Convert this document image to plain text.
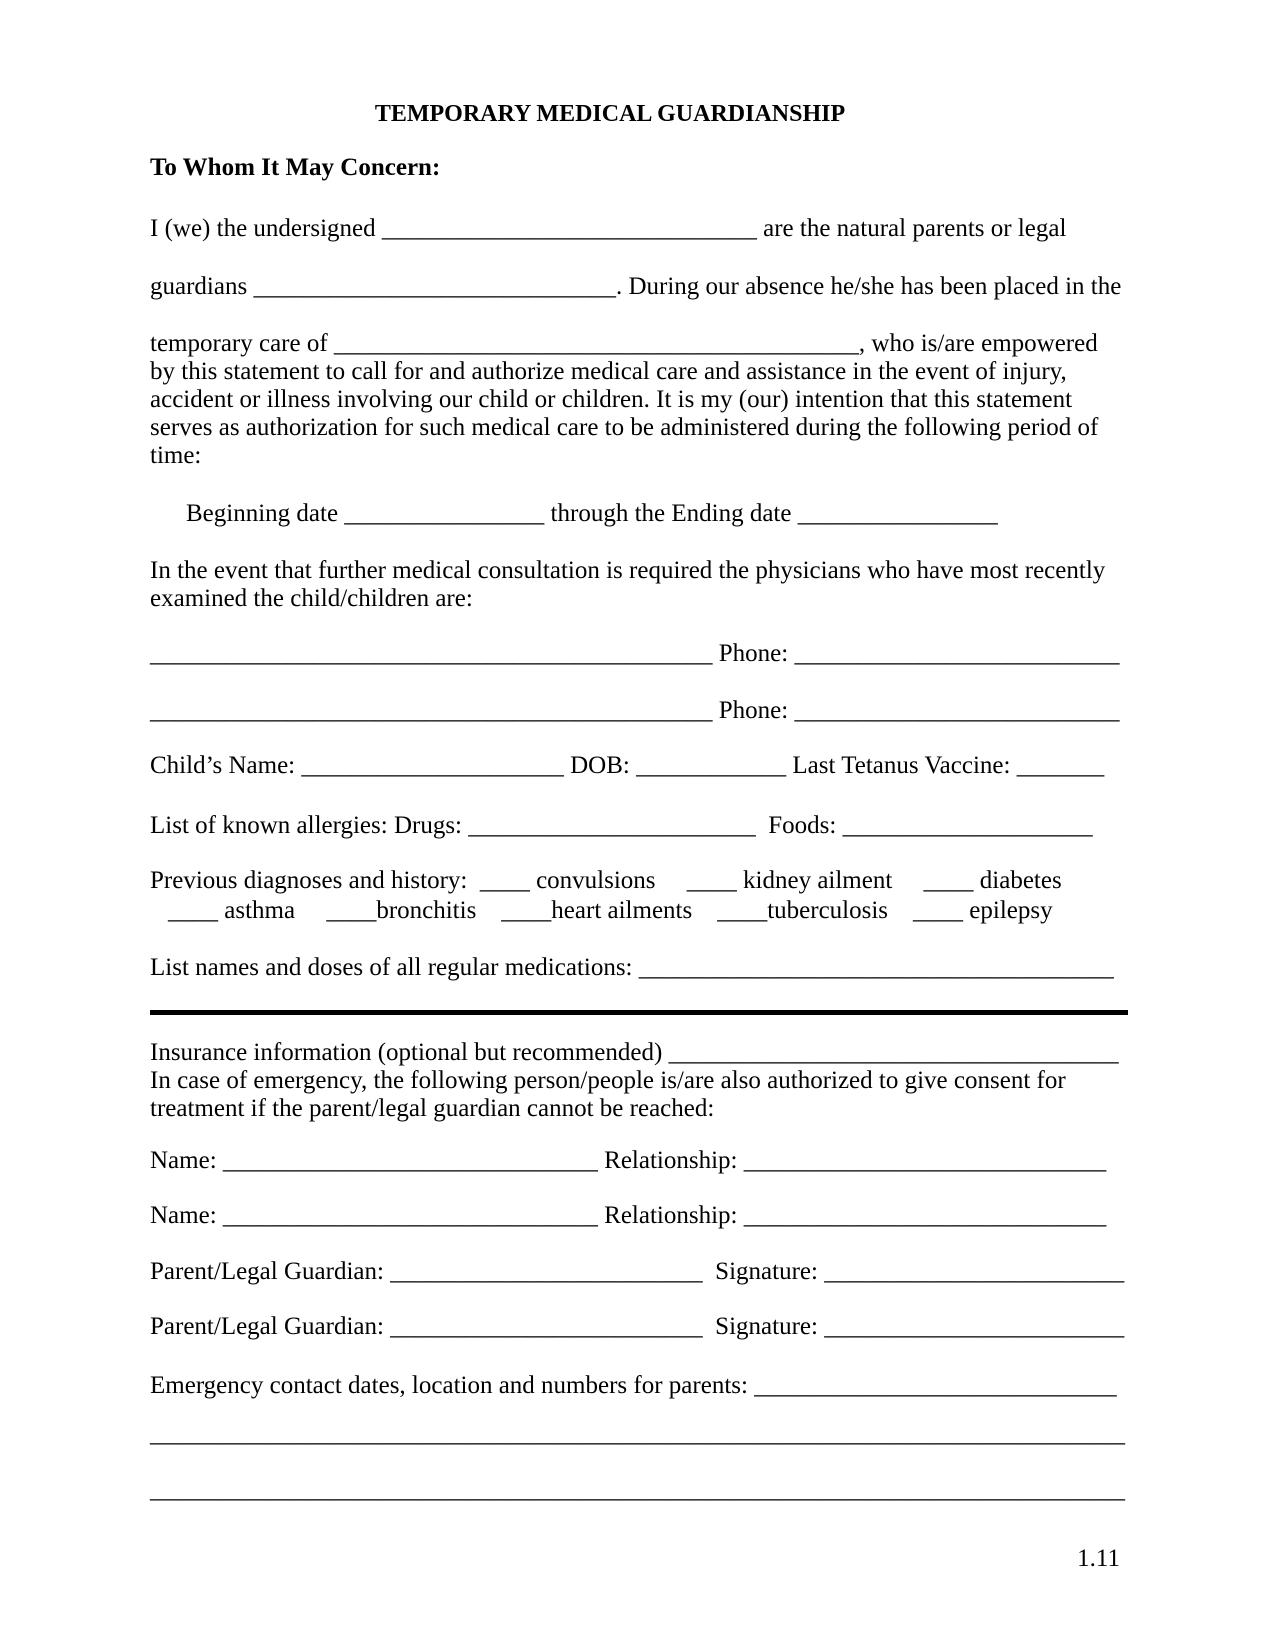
TEMPORARY MEDICAL GUARDIANSHIP
To Whom It May Concern:
I (we) the undersigned ______________________________ are the natural parents or legal
guardians _____________________________. During our absence he/she has been placed in the
temporary care of __________________________________________, who is/are empowered
by this statement to call for and authorize medical care and assistance in the event of injury,
accident or illness involving our child or children. It is my (our) intention that this statement
serves as authorization for such medical care to be administered during the following period of
time:
Beginning date ________________ through the Ending date ________________
In the event that further medical consultation is required the physicians who have most recently
examined the child/children are:
_____________________________________________ Phone: __________________________
_____________________________________________ Phone: __________________________
Child’s Name: _____________________ DOB: ____________ Last Tetanus Vaccine: _______
List of known allergies: Drugs: _______________________  Foods: ____________________
Previous diagnoses and history:  ____ convulsions     ____ kidney ailment     ____ diabetes
____ asthma     ____bronchitis    ____heart ailments    ____tuberculosis    ____ epilepsy
List names and doses of all regular medications: ______________________________________
Insurance information (optional but recommended) ____________________________________
In case of emergency, the following person/people is/are also authorized to give consent for
treatment if the parent/legal guardian cannot be reached:
Name: ______________________________ Relationship: _____________________________
Name: ______________________________ Relationship: _____________________________
Parent/Legal Guardian: _________________________  Signature: ________________________
Parent/Legal Guardian: _________________________  Signature: ________________________
Emergency contact dates, location and numbers for parents: _____________________________
______________________________________________________________________________
______________________________________________________________________________
1.11
